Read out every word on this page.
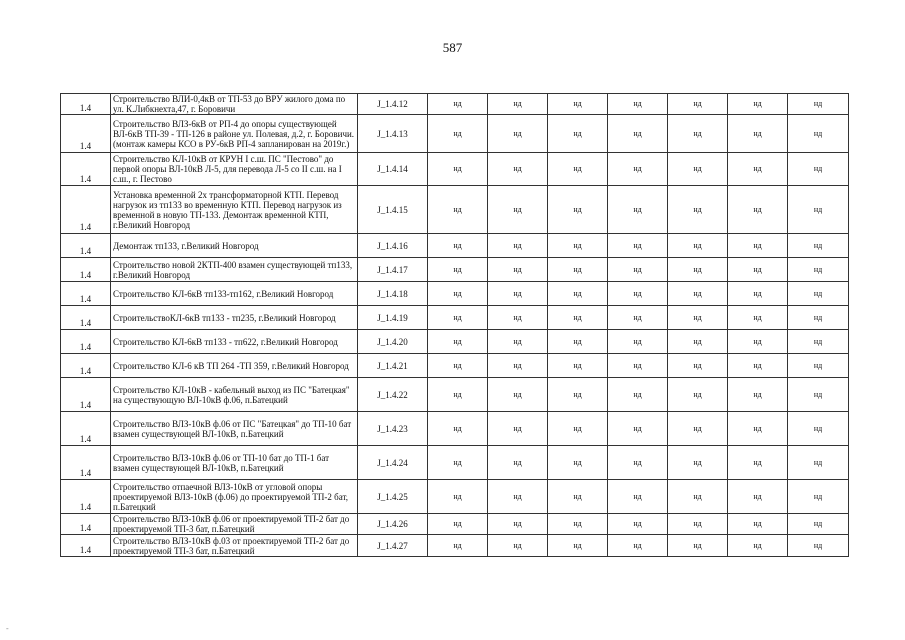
587
1.4	Строительство ВЛИ-0,4кВ от ТП-53 до ВРУ жилого дома по ул. К.Либкнехта,47, г. Боровичи	J_1.4.12	нд	нд	нд	нд	нд	нд	нд
1.4	Строительство ВЛЗ-6кВ от РП-4 до опоры существующей ВЛ-6кВ ТП-39 - ТП-126 в районе ул. Полевая, д.2, г. Боровичи. (монтаж камеры КСО в РУ-6кВ РП-4 запланирован на 2019г.)	J_1.4.13	нд	нд	нд	нд	нд	нд	нд
1.4	Строительство КЛ-10кВ от КРУН I с.ш. ПС "Пестово" до первой опоры ВЛ-10кВ Л-5, для перевода Л-5 со II с.ш. на I с.ш., г. Пестово	J_1.4.14	нд	нд	нд	нд	нд	нд	нд
1.4	Установка временной 2х трансформаторной КТП. Перевод нагрузок из тп133 во временную КТП. Перевод нагрузок из временной в новую ТП-133. Демонтаж временной КТП, г.Великий Новгород	J_1.4.15	нд	нд	нд	нд	нд	нд	нд
1.4	Демонтаж тп133, г.Великий Новгород	J_1.4.16	нд	нд	нд	нд	нд	нд	нд
1.4	Строительство новой 2КТП-400 взамен существующей тп133, г.Великий Новгород	J_1.4.17	нд	нд	нд	нд	нд	нд	нд
1.4	Строительство КЛ-6кВ тп133-тп162, г.Великий Новгород	J_1.4.18	нд	нд	нд	нд	нд	нд	нд
1.4	СтроительствоКЛ-6кВ тп133 - тп235, г.Великий Новгород	J_1.4.19	нд	нд	нд	нд	нд	нд	нд
1.4	Строительство КЛ-6кВ тп133 - тп622, г.Великий Новгород	J_1.4.20	нд	нд	нд	нд	нд	нд	нд
1.4	Строительство КЛ-6 кВ ТП 264 -ТП 359, г.Великий Новгород	J_1.4.21	нд	нд	нд	нд	нд	нд	нд
1.4	Строительство КЛ-10кВ - кабельный выход из ПС "Батецкая" на существующую ВЛ-10кВ ф.06, п.Батецкий	J_1.4.22	нд	нд	нд	нд	нд	нд	нд
1.4	Строительство ВЛЗ-10кВ ф.06 от ПС "Батецкая" до ТП-10 бат взамен существующей ВЛ-10кВ, п.Батецкий	J_1.4.23	нд	нд	нд	нд	нд	нд	нд
1.4	Строительство ВЛЗ-10кВ ф.06 от ТП-10 бат до ТП-1 бат взамен существующей ВЛ-10кВ, п.Батецкий	J_1.4.24	нд	нд	нд	нд	нд	нд	нд
1.4	Строительство отпаечной ВЛЗ-10кВ от угловой опоры проектируемой ВЛЗ-10кВ (ф.06) до проектируемой ТП-2 бат, п.Батецкий	J_1.4.25	нд	нд	нд	нд	нд	нд	нд
1.4	Строительство ВЛЗ-10кВ ф.06 от проектируемой ТП-2 бат до проектируемой ТП-3 бат, п.Батецкий	J_1.4.26	нд	нд	нд	нд	нд	нд	нд
1.4	Строительство ВЛЗ-10кВ ф.03 от проектируемой ТП-2 бат до проектируемой ТП-3 бат, п.Батецкий	J_1.4.27	нд	нд	нд	нд	нд	нд	нд
-
